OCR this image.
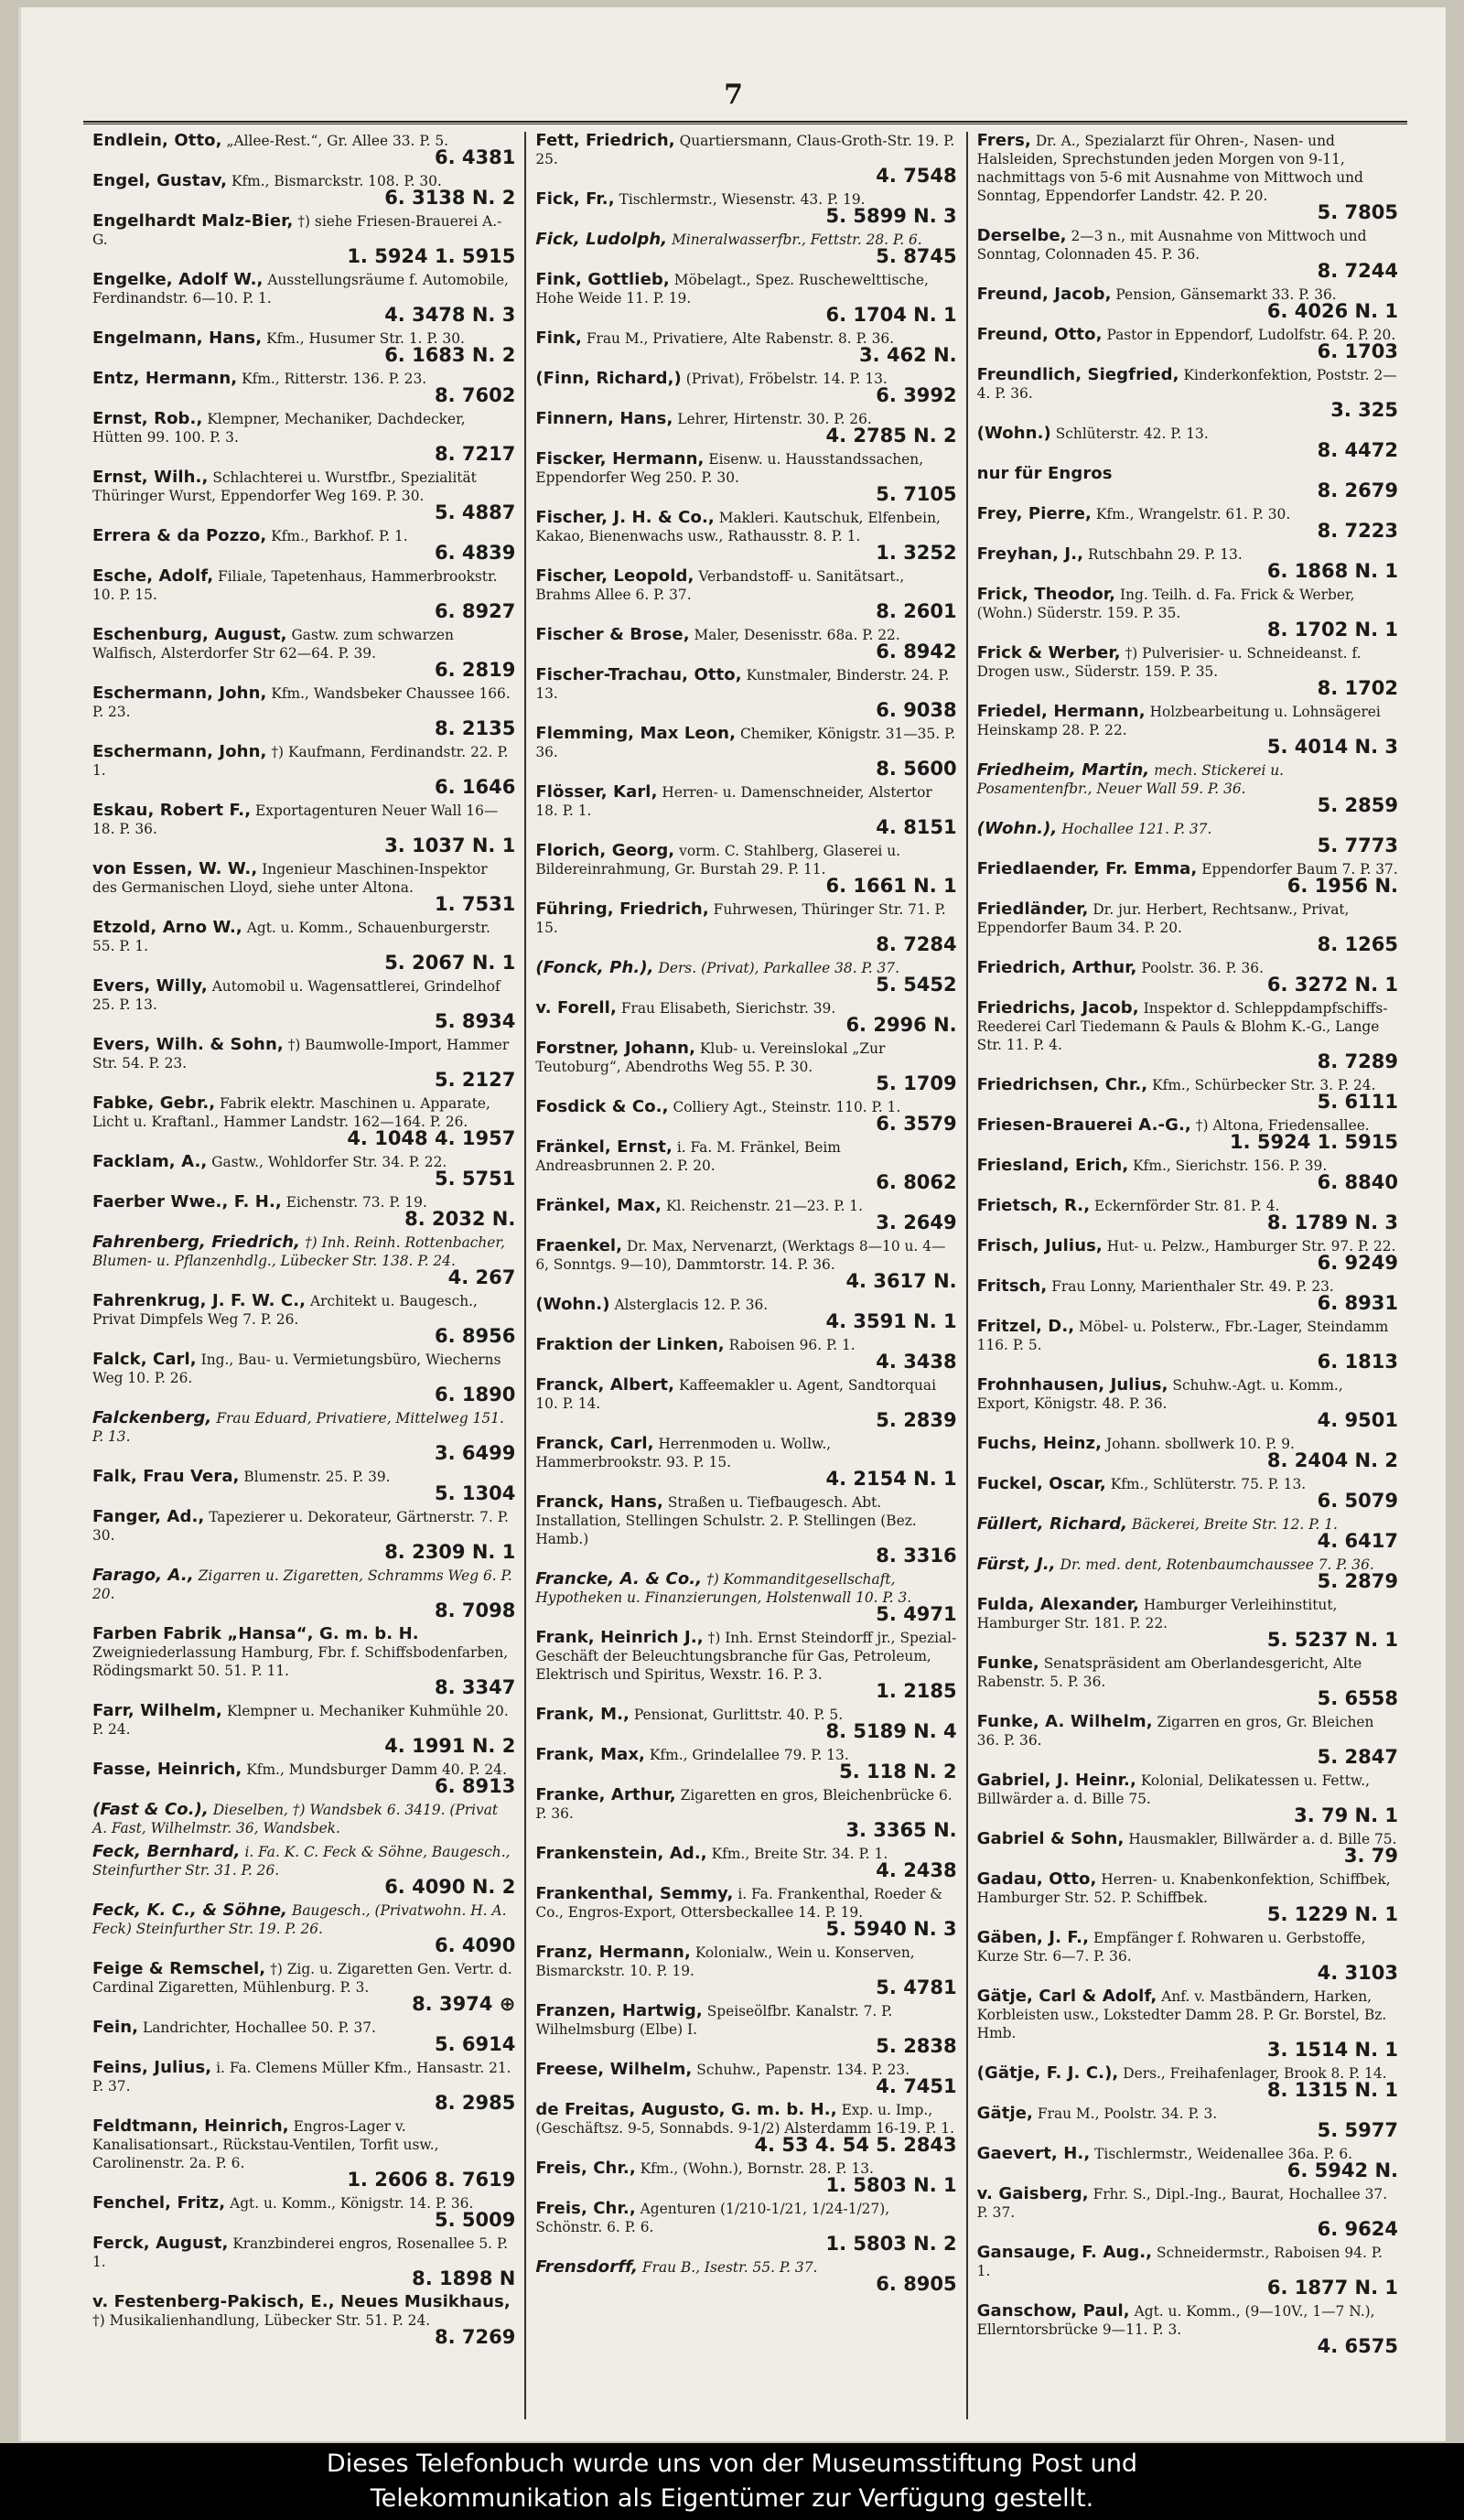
7
Endlein, Otto, „Allee-Rest.“, Gr. Allee 33. P. 5.
6. 4381
Engel, Gustav, Kfm., Bismarckstr. 108. P. 30.
6. 3138 N. 2
Engelhardt Malz-Bier, †) siehe Friesen-Brauerei A.-G.
1. 5924 1. 5915
Engelke, Adolf W., Ausstellungsräume f. Automobile, Ferdinandstr. 6—10. P. 1.
4. 3478 N. 3
Engelmann, Hans, Kfm., Husumer Str. 1. P. 30.
6. 1683 N. 2
Entz, Hermann, Kfm., Ritterstr. 136. P. 23.
8. 7602
Ernst, Rob., Klempner, Mechaniker, Dachdecker, Hütten 99. 100. P. 3.
8. 7217
Ernst, Wilh., Schlachterei u. Wurstfbr., Spezialität Thüringer Wurst, Eppendorfer Weg 169. P. 30.
5. 4887
Errera & da Pozzo, Kfm., Barkhof. P. 1.
6. 4839
Esche, Adolf, Filiale, Tapetenhaus, Hammerbrookstr. 10. P. 15.
6. 8927
Eschenburg, August, Gastw. zum schwarzen Walfisch, Alsterdorfer Str 62—64. P. 39.
6. 2819
Eschermann, John, Kfm., Wandsbeker Chaussee 166. P. 23.
8. 2135
Eschermann, John, †) Kaufmann, Ferdinandstr. 22. P. 1.
6. 1646
Eskau, Robert F., Exportagenturen Neuer Wall 16—18. P. 36.
3. 1037 N. 1
von Essen, W. W., Ingenieur Maschinen-Inspektor des Germanischen Lloyd, siehe unter Altona.
1. 7531
Etzold, Arno W., Agt. u. Komm., Schauenburgerstr. 55. P. 1.
5. 2067 N. 1
Evers, Willy, Automobil u. Wagensattlerei, Grindelhof 25. P. 13.
5. 8934
Evers, Wilh. & Sohn, †) Baumwolle-Import, Hammer Str. 54. P. 23.
5. 2127
Fabke, Gebr., Fabrik elektr. Maschinen u. Apparate, Licht u. Kraftanl., Hammer Landstr. 162—164. P. 26.
4. 1048 4. 1957
Facklam, A., Gastw., Wohldorfer Str. 34. P. 22.
5. 5751
Faerber Wwe., F. H., Eichenstr. 73. P. 19.
8. 2032 N.
Fahrenberg, Friedrich, †) Inh. Reinh. Rottenbacher, Blumen- u. Pflanzenhdlg., Lübecker Str. 138. P. 24.
4. 267
Fahrenkrug, J. F. W. C., Architekt u. Baugesch., Privat Dimpfels Weg 7. P. 26.
6. 8956
Falck, Carl, Ing., Bau- u. Vermietungsbüro, Wiecherns Weg 10. P. 26.
6. 1890
Falckenberg, Frau Eduard, Privatiere, Mittelweg 151. P. 13.
3. 6499
Falk, Frau Vera, Blumenstr. 25. P. 39.
5. 1304
Fanger, Ad., Tapezierer u. Dekorateur, Gärtnerstr. 7. P. 30.
8. 2309 N. 1
Farago, A., Zigarren u. Zigaretten, Schramms Weg 6. P. 20.
8. 7098
Farben Fabrik „Hansa“, G. m. b. H. Zweigniederlassung Hamburg, Fbr. f. Schiffsbodenfarben, Rödingsmarkt 50. 51. P. 11.
8. 3347
Farr, Wilhelm, Klempner u. Mechaniker Kuhmühle 20. P. 24.
4. 1991 N. 2
Fasse, Heinrich, Kfm., Mundsburger Damm 40. P. 24.
6. 8913
(Fast & Co.), Dieselben, †) Wandsbek 6. 3419. (Privat A. Fast, Wilhelmstr. 36, Wandsbek.
Feck, Bernhard, i. Fa. K. C. Feck & Söhne, Baugesch., Steinfurther Str. 31. P. 26.
6. 4090 N. 2
Feck, K. C., & Söhne, Baugesch., (Privatwohn. H. A. Feck) Steinfurther Str. 19. P. 26.
6. 4090
Feige & Remschel, †) Zig. u. Zigaretten Gen. Vertr. d. Cardinal Zigaretten, Mühlenburg. P. 3.
8. 3974 ⊕
Fein, Landrichter, Hochallee 50. P. 37.
5. 6914
Feins, Julius, i. Fa. Clemens Müller Kfm., Hansastr. 21. P. 37.
8. 2985
Feldtmann, Heinrich, Engros-Lager v. Kanalisationsart., Rückstau-Ventilen, Torfit usw., Carolinenstr. 2a. P. 6.
1. 2606 8. 7619
Fenchel, Fritz, Agt. u. Komm., Königstr. 14. P. 36.
5. 5009
Ferck, August, Kranzbinderei engros, Rosenallee 5. P. 1.
8. 1898 N
v. Festenberg-Pakisch, E., Neues Musikhaus, †) Musikalienhandlung, Lübecker Str. 51. P. 24.
8. 7269
Fett, Friedrich, Quartiersmann, Claus-Groth-Str. 19. P. 25.
4. 7548
Fick, Fr., Tischlermstr., Wiesenstr. 43. P. 19.
5. 5899 N. 3
Fick, Ludolph, Mineralwasserfbr., Fettstr. 28. P. 6.
5. 8745
Fink, Gottlieb, Möbelagt., Spez. Ruschewelttische, Hohe Weide 11. P. 19.
6. 1704 N. 1
Fink, Frau M., Privatiere, Alte Rabenstr. 8. P. 36.
3. 462 N.
(Finn, Richard,) (Privat), Fröbelstr. 14. P. 13.
6. 3992
Finnern, Hans, Lehrer, Hirtenstr. 30. P. 26.
4. 2785 N. 2
Fiscker, Hermann, Eisenw. u. Hausstandssachen, Eppendorfer Weg 250. P. 30.
5. 7105
Fischer, J. H. & Co., Makleri. Kautschuk, Elfenbein, Kakao, Bienenwachs usw., Rathausstr. 8. P. 1.
1. 3252
Fischer, Leopold, Verbandstoff- u. Sanitätsart., Brahms Allee 6. P. 37.
8. 2601
Fischer & Brose, Maler, Desenisstr. 68a. P. 22.
6. 8942
Fischer-Trachau, Otto, Kunstmaler, Binderstr. 24. P. 13.
6. 9038
Flemming, Max Leon, Chemiker, Königstr. 31—35. P. 36.
8. 5600
Flösser, Karl, Herren- u. Damenschneider, Alstertor 18. P. 1.
4. 8151
Florich, Georg, vorm. C. Stahlberg, Glaserei u. Bildereinrahmung, Gr. Burstah 29. P. 11.
6. 1661 N. 1
Führing, Friedrich, Fuhrwesen, Thüringer Str. 71. P. 15.
8. 7284
(Fonck, Ph.), Ders. (Privat), Parkallee 38. P. 37.
5. 5452
v. Forell, Frau Elisabeth, Sierichstr. 39.
6. 2996 N.
Forstner, Johann, Klub- u. Vereinslokal „Zur Teutoburg“, Abendroths Weg 55. P. 30.
5. 1709
Fosdick & Co., Colliery Agt., Steinstr. 110. P. 1.
6. 3579
Fränkel, Ernst, i. Fa. M. Fränkel, Beim Andreasbrunnen 2. P. 20.
6. 8062
Fränkel, Max, Kl. Reichenstr. 21—23. P. 1.
3. 2649
Fraenkel, Dr. Max, Nervenarzt, (Werktags 8—10 u. 4—6, Sonntgs. 9—10), Dammtorstr. 14. P. 36.
4. 3617 N.
(Wohn.) Alsterglacis 12. P. 36.
4. 3591 N. 1
Fraktion der Linken, Raboisen 96. P. 1.
4. 3438
Franck, Albert, Kaffeemakler u. Agent, Sandtorquai 10. P. 14.
5. 2839
Franck, Carl, Herrenmoden u. Wollw., Hammerbrookstr. 93. P. 15.
4. 2154 N. 1
Franck, Hans, Straßen u. Tiefbaugesch. Abt. Installation, Stellingen Schulstr. 2. P. Stellingen (Bez. Hamb.)
8. 3316
Francke, A. & Co., †) Kommanditgesellschaft, Hypotheken u. Finanzierungen, Holstenwall 10. P. 3.
5. 4971
Frank, Heinrich J., †) Inh. Ernst Steindorff jr., Spezial-Geschäft der Beleuchtungsbranche für Gas, Petroleum, Elektrisch und Spiritus, Wexstr. 16. P. 3.
1. 2185
Frank, M., Pensionat, Gurlittstr. 40. P. 5.
8. 5189 N. 4
Frank, Max, Kfm., Grindelallee 79. P. 13.
5. 118 N. 2
Franke, Arthur, Zigaretten en gros, Bleichenbrücke 6. P. 36.
3. 3365 N.
Frankenstein, Ad., Kfm., Breite Str. 34. P. 1.
4. 2438
Frankenthal, Semmy, i. Fa. Frankenthal, Roeder & Co., Engros-Export, Ottersbeckallee 14. P. 19.
5. 5940 N. 3
Franz, Hermann, Kolonialw., Wein u. Konserven, Bismarckstr. 10. P. 19.
5. 4781
Franzen, Hartwig, Speiseölfbr. Kanalstr. 7. P. Wilhelmsburg (Elbe) I.
5. 2838
Freese, Wilhelm, Schuhw., Papenstr. 134. P. 23.
4. 7451
de Freitas, Augusto, G. m. b. H., Exp. u. Imp., (Geschäftsz. 9-5, Sonnabds. 9-1/2) Alsterdamm 16-19. P. 1.
4. 53 4. 54 5. 2843
Freis, Chr., Kfm., (Wohn.), Bornstr. 28. P. 13.
1. 5803 N. 1
Freis, Chr., Agenturen (1/210-1/21, 1/24-1/27), Schönstr. 6. P. 6.
1. 5803 N. 2
Frensdorff, Frau B., Isestr. 55. P. 37.
6. 8905
Frers, Dr. A., Spezialarzt für Ohren-, Nasen- und Halsleiden, Sprechstunden jeden Morgen von 9-11, nachmittags von 5-6 mit Ausnahme von Mittwoch und Sonntag, Eppendorfer Landstr. 42. P. 20.
5. 7805
Derselbe, 2—3 n., mit Ausnahme von Mittwoch und Sonntag, Colonnaden 45. P. 36.
8. 7244
Freund, Jacob, Pension, Gänsemarkt 33. P. 36.
6. 4026 N. 1
Freund, Otto, Pastor in Eppendorf, Ludolfstr. 64. P. 20.
6. 1703
Freundlich, Siegfried, Kinderkonfektion, Poststr. 2—4. P. 36.
3. 325
(Wohn.) Schlüterstr. 42. P. 13.
8. 4472
nur für Engros
8. 2679
Frey, Pierre, Kfm., Wrangelstr. 61. P. 30.
8. 7223
Freyhan, J., Rutschbahn 29. P. 13.
6. 1868 N. 1
Frick, Theodor, Ing. Teilh. d. Fa. Frick & Werber, (Wohn.) Süderstr. 159. P. 35.
8. 1702 N. 1
Frick & Werber, †) Pulverisier- u. Schneideanst. f. Drogen usw., Süderstr. 159. P. 35.
8. 1702
Friedel, Hermann, Holzbearbeitung u. Lohnsägerei Heinskamp 28. P. 22.
5. 4014 N. 3
Friedheim, Martin, mech. Stickerei u. Posamentenfbr., Neuer Wall 59. P. 36.
5. 2859
(Wohn.), Hochallee 121. P. 37.
5. 7773
Friedlaender, Fr. Emma, Eppendorfer Baum 7. P. 37.
6. 1956 N.
Friedländer, Dr. jur. Herbert, Rechtsanw., Privat, Eppendorfer Baum 34. P. 20.
8. 1265
Friedrich, Arthur, Poolstr. 36. P. 36.
6. 3272 N. 1
Friedrichs, Jacob, Inspektor d. Schleppdampfschiffs-Reederei Carl Tiedemann & Pauls & Blohm K.-G., Lange Str. 11. P. 4.
8. 7289
Friedrichsen, Chr., Kfm., Schürbecker Str. 3. P. 24.
5. 6111
Friesen-Brauerei A.-G., †) Altona, Friedensallee.
1. 5924 1. 5915
Friesland, Erich, Kfm., Sierichstr. 156. P. 39.
6. 8840
Frietsch, R., Eckernförder Str. 81. P. 4.
8. 1789 N. 3
Frisch, Julius, Hut- u. Pelzw., Hamburger Str. 97. P. 22.
6. 9249
Fritsch, Frau Lonny, Marienthaler Str. 49. P. 23.
6. 8931
Fritzel, D., Möbel- u. Polsterw., Fbr.-Lager, Steindamm 116. P. 5.
6. 1813
Frohnhausen, Julius, Schuhw.-Agt. u. Komm., Export, Königstr. 48. P. 36.
4. 9501
Fuchs, Heinz, Johann. sbollwerk 10. P. 9.
8. 2404 N. 2
Fuckel, Oscar, Kfm., Schlüterstr. 75. P. 13.
6. 5079
Füllert, Richard, Bäckerei, Breite Str. 12. P. 1.
4. 6417
Fürst, J., Dr. med. dent, Rotenbaumchaussee 7. P. 36.
5. 2879
Fulda, Alexander, Hamburger Verleihinstitut, Hamburger Str. 181. P. 22.
5. 5237 N. 1
Funke, Senatspräsident am Oberlandesgericht, Alte Rabenstr. 5. P. 36.
5. 6558
Funke, A. Wilhelm, Zigarren en gros, Gr. Bleichen 36. P. 36.
5. 2847
Gabriel, J. Heinr., Kolonial, Delikatessen u. Fettw., Billwärder a. d. Bille 75.
3. 79 N. 1
Gabriel & Sohn, Hausmakler, Billwärder a. d. Bille 75.
3. 79
Gadau, Otto, Herren- u. Knabenkonfektion, Schiffbek, Hamburger Str. 52. P. Schiffbek.
5. 1229 N. 1
Gäben, J. F., Empfänger f. Rohwaren u. Gerbstoffe, Kurze Str. 6—7. P. 36.
4. 3103
Gätje, Carl & Adolf, Anf. v. Mastbändern, Harken, Korbleisten usw., Lokstedter Damm 28. P. Gr. Borstel, Bz. Hmb.
3. 1514 N. 1
(Gätje, F. J. C.), Ders., Freihafenlager, Brook 8. P. 14.
8. 1315 N. 1
Gätje, Frau M., Poolstr. 34. P. 3.
5. 5977
Gaevert, H., Tischlermstr., Weidenallee 36a. P. 6.
6. 5942 N.
v. Gaisberg, Frhr. S., Dipl.-Ing., Baurat, Hochallee 37. P. 37.
6. 9624
Gansauge, F. Aug., Schneidermstr., Raboisen 94. P. 1.
6. 1877 N. 1
Ganschow, Paul, Agt. u. Komm., (9—10V., 1—7 N.), Ellerntorsbrücke 9—11. P. 3.
4. 6575
Dieses Telefonbuch wurde uns von der Museumsstiftung Post und
Telekommunikation als Eigentümer zur Verfügung gestellt.
